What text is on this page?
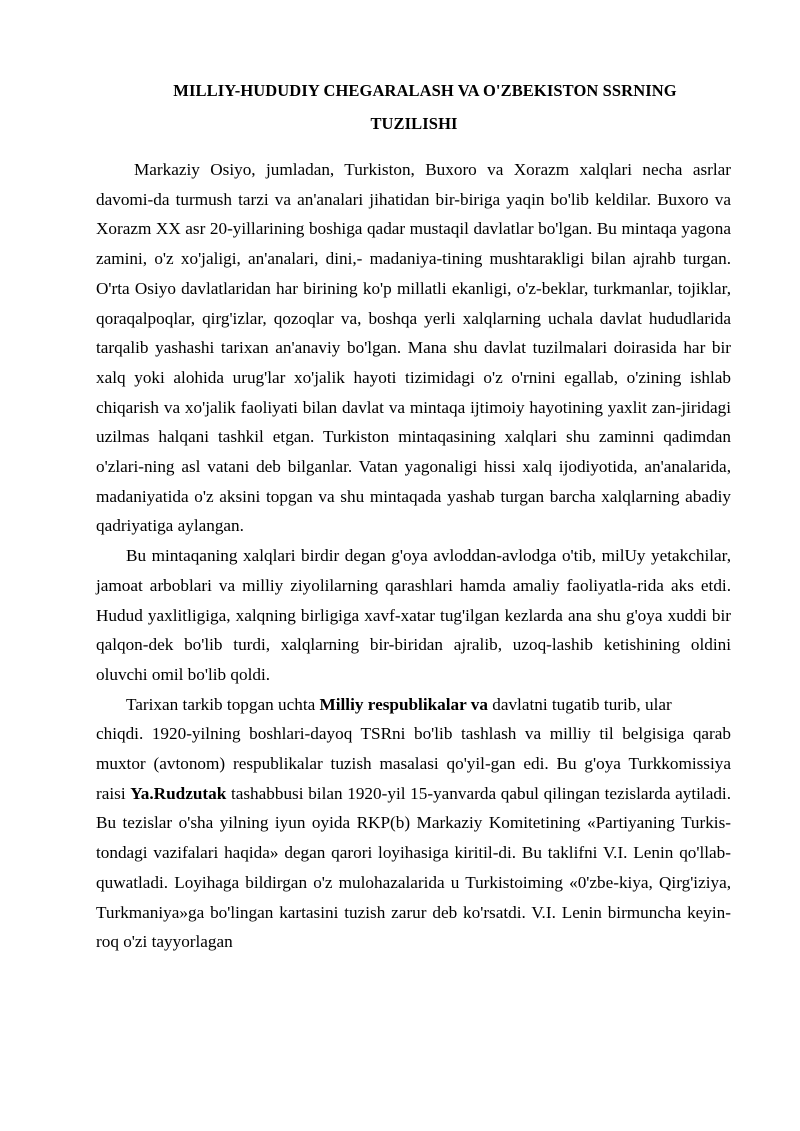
MILLIY-HUDUDIY CHEGARALASH VA O'ZBEKISTON SSRNING
TUZILISHI

Markaziy Osiyo, jumladan, Turkiston, Buxoro va Xorazm xalqlari necha asrlar davomi-da turmush tarzi va an'analari jihatidan bir-biriga yaqin bo'lib keldilar. Buxoro va Xorazm XX asr 20-yillarining boshiga qadar mustaqil davlatlar bo'lgan. Bu mintaqa yagona zamini, o'z xo'jaligi, an'analari, dini,- madaniya-tining mushtarakligi bilan ajrahb turgan. O'rta Osiyo davlatlaridan har birining ko'p millatli ekanligi, o'z-beklar, turkmanlar, tojiklar, qoraqalpoqlar, qirg'izlar, qozoqlar va, boshqa yerli xalqlarning uchala davlat hududlarida tarqalib yashashi tarixan an'anaviy bo'lgan. Mana shu davlat tuzilmalari doirasida har bir xalq yoki alohida urug'lar xo'jalik hayoti tizimidagi o'z o'rnini egallab, o'zining ishlab chiqarish va xo'jalik faoliyati bilan davlat va mintaqa ijtimoiy hayotining yaxlit zan-jiridagi uzilmas halqani tashkil etgan. Turkiston mintaqasining xalqlari shu zaminni qadimdan o'zlari-ning asl vatani deb bilganlar. Vatan yagonaligi hissi xalq ijodiyotida, an'analarida, madaniyatida o'z aksini topgan va shu mintaqada yashab turgan barcha xalqlarning abadiy qadriyatiga aylangan.

Bu mintaqaning xalqlari birdir degan g'oya avloddan-avlodga o'tib, milUy yetakchilar, jamoat arboblari va milliy ziyolilarning qarashlari hamda amaliy faoliyatla-rida aks etdi. Hudud yaxlitligiga, xalqning birligiga xavf-xatar tug'ilgan kezlarda ana shu g'oya xuddi bir qalqon-dek bo'lib turdi, xalqlarning bir-biridan ajralib, uzoq-lashib ketishining oldini oluvchi omil bo'lib qoldi.

Tarixan tarkib topgan uchta Milliy respublikalar va davlatni tugatib turib, ular
chiqdi. 1920-yilning boshlari-dayoq TSRni bo'lib tashlash va milliy til belgisiga qarab muxtor (avtonom) respublikalar tuzish masalasi qo'yil-gan edi. Bu g'oya Turkkomissiya raisi Ya.Rudzutak tashabbusi bilan 1920-yil 15-yanvarda qabul qilingan tezislarda aytiladi. Bu tezislar o'sha yilning iyun oyida RKP(b) Markaziy Komitetining «Partiyaning Turkis-tondagi vazifalari haqida» degan qarori loyihasiga kiritil-di. Bu taklifni V.I. Lenin qo'llab-quwatladi. Loyihaga bildirgan o'z mulohazalarida u Turkistoiming «0'zbe-kiya, Qirg'iziya, Turkmaniya»ga bo'lingan kartasini tuzish zarur deb ko'rsatdi. V.I. Lenin birmuncha keyin-roq o'zi tayyorlagan
